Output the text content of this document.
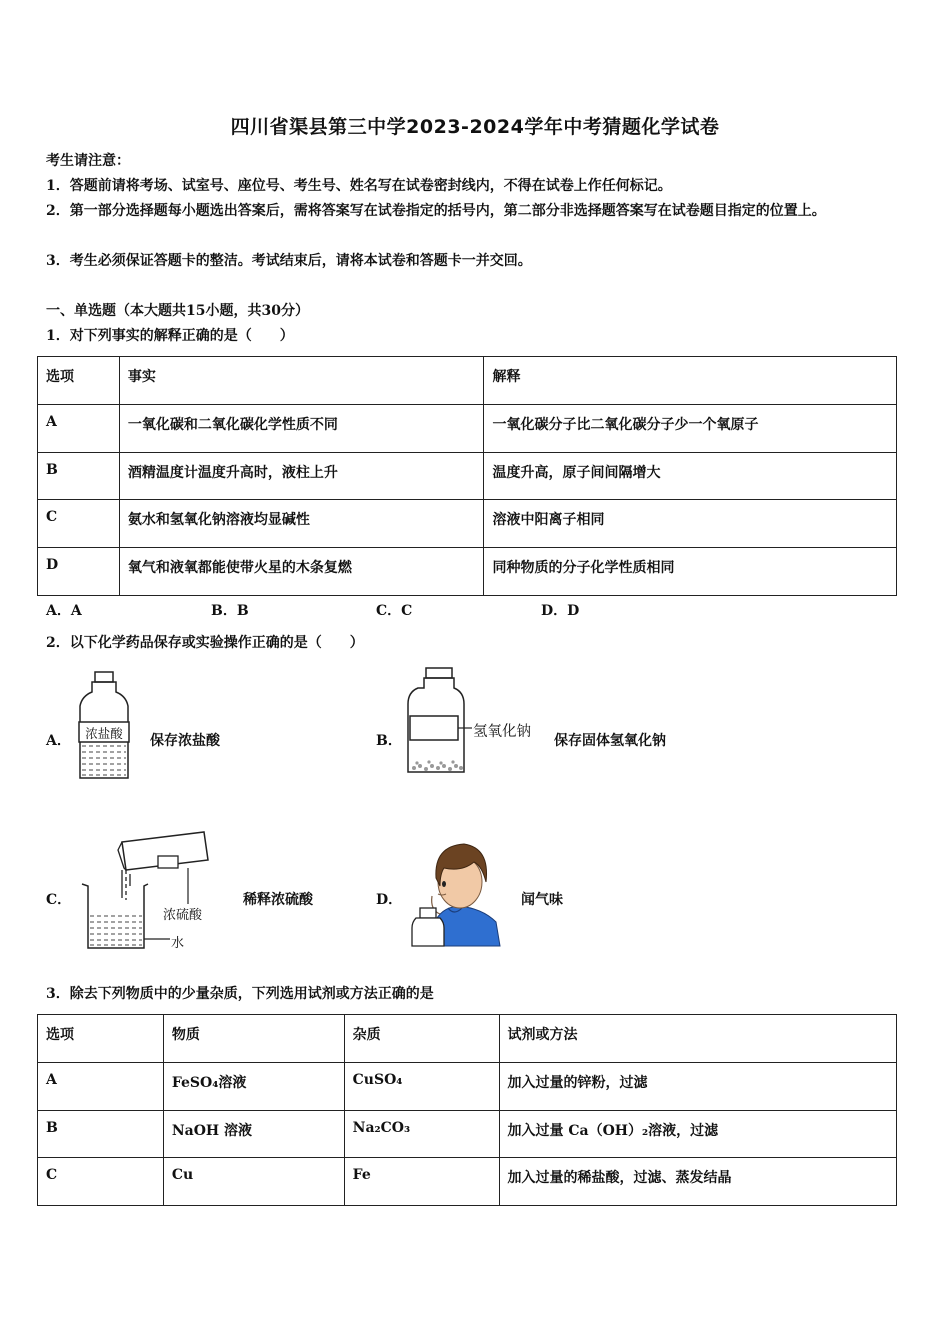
四川省渠县第三中学2023-2024学年中考猜题化学试卷
考生请注意：
1．答题前请将考场、试室号、座位号、考生号、姓名写在试卷密封线内，不得在试卷上作任何标记。
2．第一部分选择题每小题选出答案后，需将答案写在试卷指定的括号内，第二部分非选择题答案写在试卷题目指定的位置上。
3．考生必须保证答题卡的整洁。考试结束后，请将本试卷和答题卡一并交回。
一、单选题（本大题共15小题，共30分）
1．对下列事实的解释正确的是（　　）
选项	事实	解释
A	一氧化碳和二氧化碳化学性质不同	一氧化碳分子比二氧化碳分子少一个氧原子
B	酒精温度计温度升高时，液柱上升	温度升高，原子间间隔增大
C	氨水和氢氧化钠溶液均显碱性	溶液中阳离子相同
D	氧气和液氧都能使带火星的木条复燃	同种物质的分子化学性质相同
A．A	B．B	C．C	D．D
2．以下化学药品保存或实验操作正确的是（　　）
A．	浓盐酸	保存浓盐酸	B．
氢氧化钠
保存固体氢氧化钠
C．
浓硫酸
水
稀释浓硫酸	D．	闻气味
3．除去下列物质中的少量杂质，下列选用试剂或方法正确的是
选项	物质	杂质	试剂或方法
A	FeSO₄溶液	CuSO₄	加入过量的锌粉，过滤
B	NaOH 溶液	Na₂CO₃	加入过量 Ca（OH）₂溶液，过滤
C	Cu	Fe	加入过量的稀盐酸，过滤、蒸发结晶
